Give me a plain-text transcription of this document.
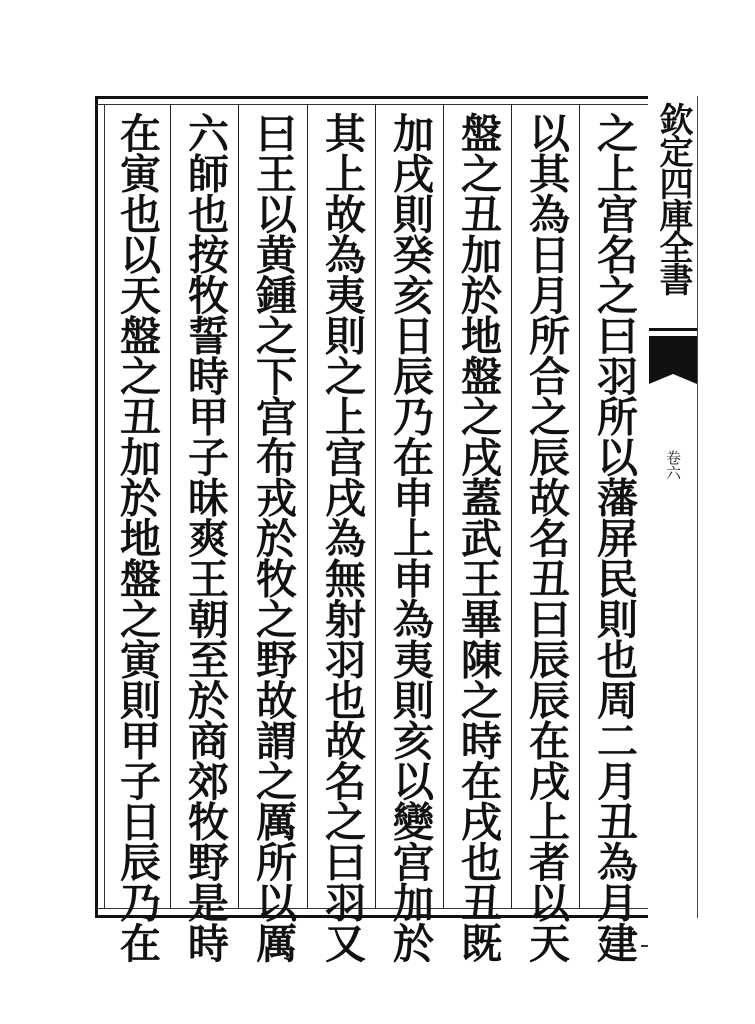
之上宫名之曰羽所以藩屏民則也周二月丑為月建
以其為日月所合之辰故名丑曰辰辰在戌上者以天
盤之丑加於地盤之戌蓋武王畢陳之時在戌也丑既
加戌則癸亥日辰乃在申上申為夷則亥以變宫加於
其上故為夷則之上宫戌為無射羽也故名之曰羽又
曰王以黄鍾之下宫布戎於牧之野故謂之厲所以厲
六師也按牧誓時甲子昧爽王朝至於商郊牧野是時
在寅也以天盤之丑加於地盤之寅則甲子日辰乃在	欽定四庫全書
卷六
